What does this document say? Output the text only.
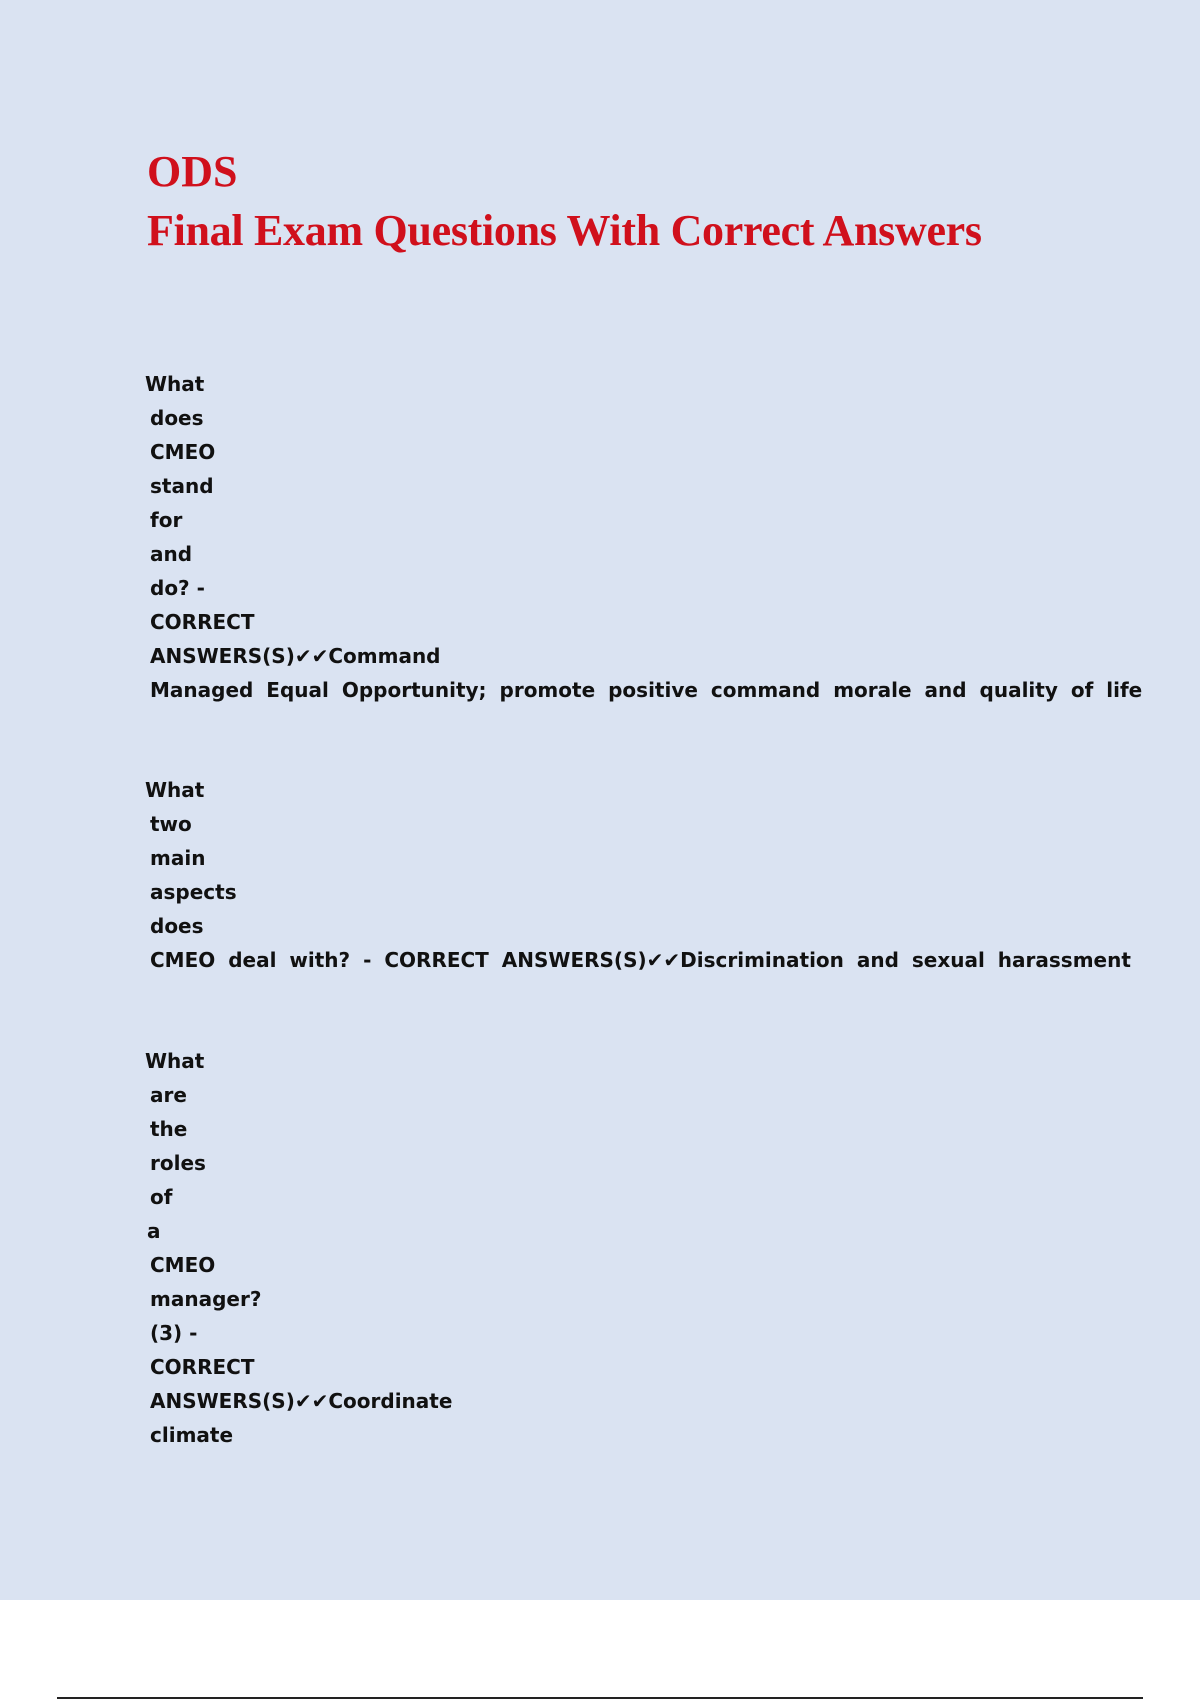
ODS

Final Exam Questions With Correct Answers

What
does
CMEO
stand
for
and
do? -
CORRECT
ANSWERS(S)✔✔Command
Managed Equal Opportunity; promote positive command morale and quality of life
What
two
main
aspects
does
CMEO deal with? - CORRECT ANSWERS(S)✔✔Discrimination and sexual harassment
What
are
the
roles
of
a
CMEO
manager?
(3) -
CORRECT
ANSWERS(S)✔✔Coordinate
climate
